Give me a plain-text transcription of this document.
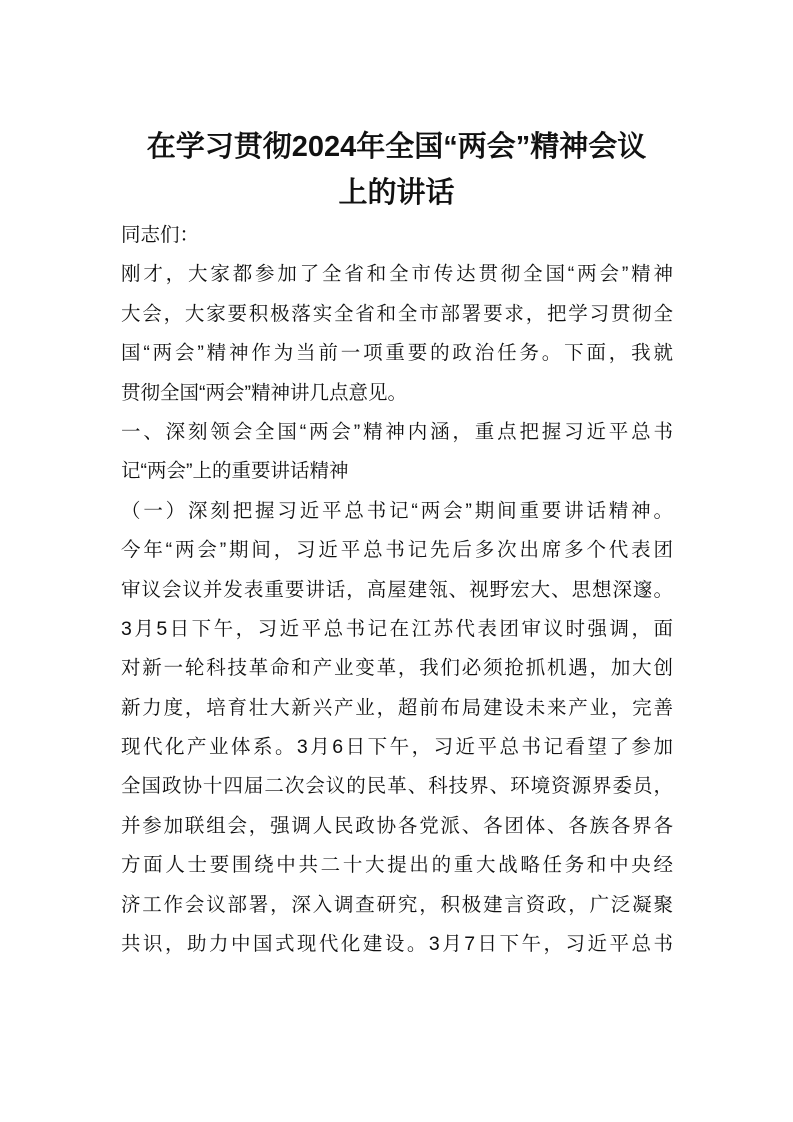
在学习贯彻2024年全国“两会”精神会议
上的讲话
同志们：
刚才，大家都参加了全省和全市传达贯彻全国“两会”精神
大会，大家要积极落实全省和全市部署要求，把学习贯彻全
国“两会”精神作为当前一项重要的政治任务。下面，我就
贯彻全国“两会”精神讲几点意见。
一、深刻领会全国“两会”精神内涵，重点把握习近平总书
记“两会”上的重要讲话精神
（一）深刻把握习近平总书记“两会”期间重要讲话精神。
今年“两会”期间，习近平总书记先后多次出席多个代表团
审议会议并发表重要讲话，高屋建瓴、视野宏大、思想深邃。
3月5日下午，习近平总书记在江苏代表团审议时强调，面
对新一轮科技革命和产业变革，我们必须抢抓机遇，加大创
新力度，培育壮大新兴产业，超前布局建设未来产业，完善
现代化产业体系。3月6日下午，习近平总书记看望了参加
全国政协十四届二次会议的民革、科技界、环境资源界委员，
并参加联组会，强调人民政协各党派、各团体、各族各界各
方面人士要围绕中共二十大提出的重大战略任务和中央经
济工作会议部署，深入调查研究，积极建言资政，广泛凝聚
共识，助力中国式现代化建设。3月7日下午，习近平总书
